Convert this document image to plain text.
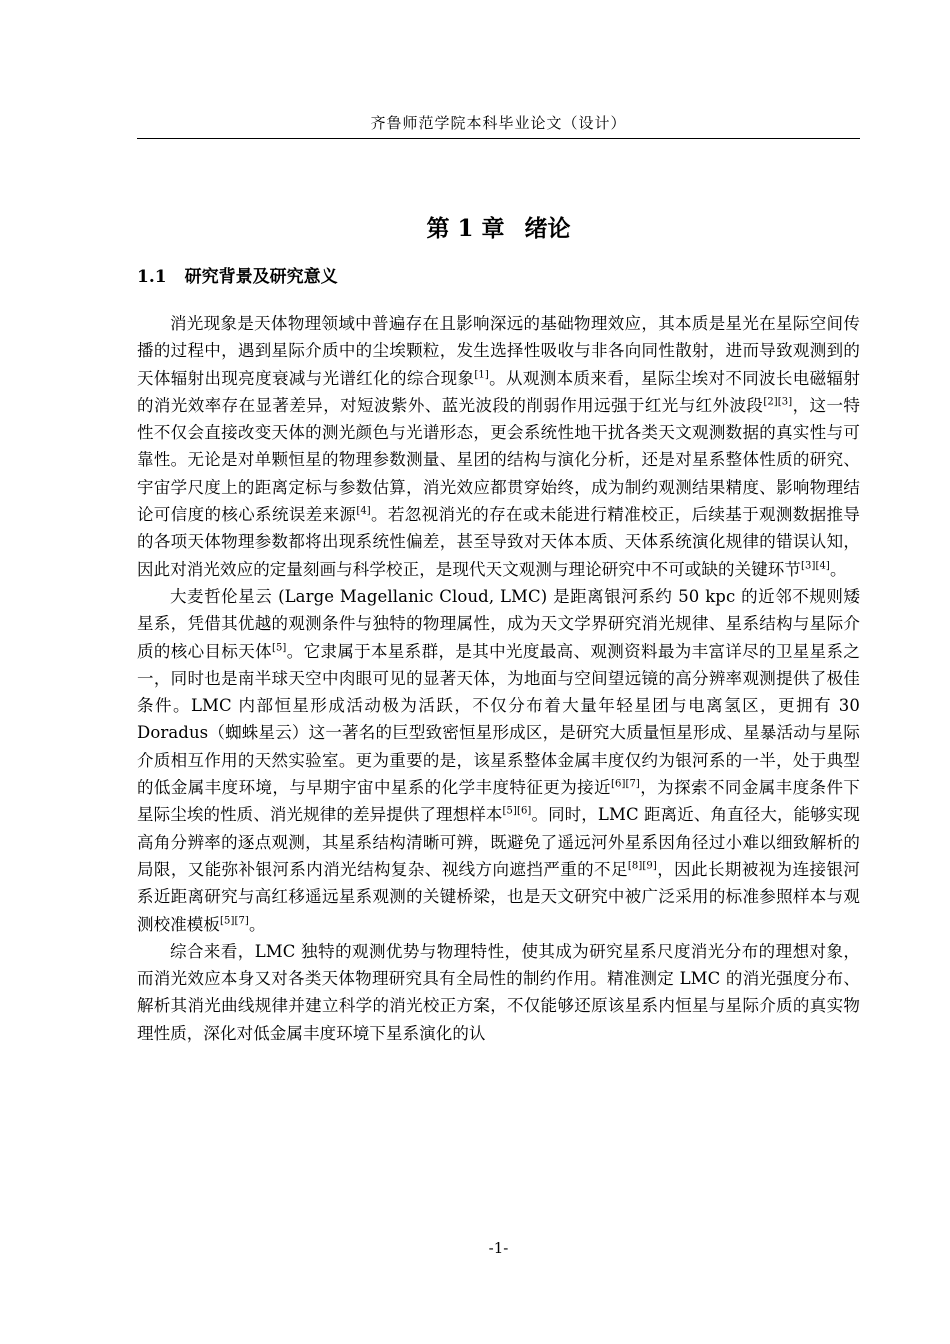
齐鲁师范学院本科毕业论文（设计）
第 1 章 绪论
1.1 研究背景及研究意义

消光现象是天体物理领域中普遍存在且影响深远的基础物理效应，其本质是星光在星际空间传播的过程中，遇到星际介质中的尘埃颗粒，发生选择性吸收与非各向同性散射，进而导致观测到的天体辐射出现亮度衰减与光谱红化的综合现象[1]。从观测本质来看，星际尘埃对不同波长电磁辐射的消光效率存在显著差异，对短波紫外、蓝光波段的削弱作用远强于红光与红外波段[2][3]，这一特性不仅会直接改变天体的测光颜色与光谱形态，更会系统性地干扰各类天文观测数据的真实性与可靠性。无论是对单颗恒星的物理参数测量、星团的结构与演化分析，还是对星系整体性质的研究、宇宙学尺度上的距离定标与参数估算，消光效应都贯穿始终，成为制约观测结果精度、影响物理结论可信度的核心系统误差来源[4]。若忽视消光的存在或未能进行精准校正，后续基于观测数据推导的各项天体物理参数都将出现系统性偏差，甚至导致对天体本质、天体系统演化规律的错误认知，因此对消光效应的定量刻画与科学校正，是现代天文观测与理论研究中不可或缺的关键环节[3][4]。

大麦哲伦星云 (Large Magellanic Cloud, LMC) 是距离银河系约 50 kpc 的近邻不规则矮星系，凭借其优越的观测条件与独特的物理属性，成为天文学界研究消光规律、星系结构与星际介质的核心目标天体[5]。它隶属于本星系群，是其中光度最高、观测资料最为丰富详尽的卫星星系之一，同时也是南半球天空中肉眼可见的显著天体，为地面与空间望远镜的高分辨率观测提供了极佳条件。LMC 内部恒星形成活动极为活跃，不仅分布着大量年轻星团与电离氢区，更拥有 30 Doradus（蜘蛛星云）这一著名的巨型致密恒星形成区，是研究大质量恒星形成、星暴活动与星际介质相互作用的天然实验室。更为重要的是，该星系整体金属丰度仅约为银河系的一半，处于典型的低金属丰度环境，与早期宇宙中星系的化学丰度特征更为接近[6][7]，为探索不同金属丰度条件下星际尘埃的性质、消光规律的差异提供了理想样本[5][6]。同时，LMC 距离近、角直径大，能够实现高角分辨率的逐点观测，其星系结构清晰可辨，既避免了遥远河外星系因角径过小难以细致解析的局限，又能弥补银河系内消光结构复杂、视线方向遮挡严重的不足[8][9]，因此长期被视为连接银河系近距离研究与高红移遥远星系观测的关键桥梁，也是天文研究中被广泛采用的标准参照样本与观测校准模板[5][7]。

综合来看，LMC 独特的观测优势与物理特性，使其成为研究星系尺度消光分布的理想对象，而消光效应本身又对各类天体物理研究具有全局性的制约作用。精准测定 LMC 的消光强度分布、解析其消光曲线规律并建立科学的消光校正方案，不仅能够还原该星系内恒星与星际介质的真实物理性质，深化对低金属丰度环境下星系演化的认

-1-
